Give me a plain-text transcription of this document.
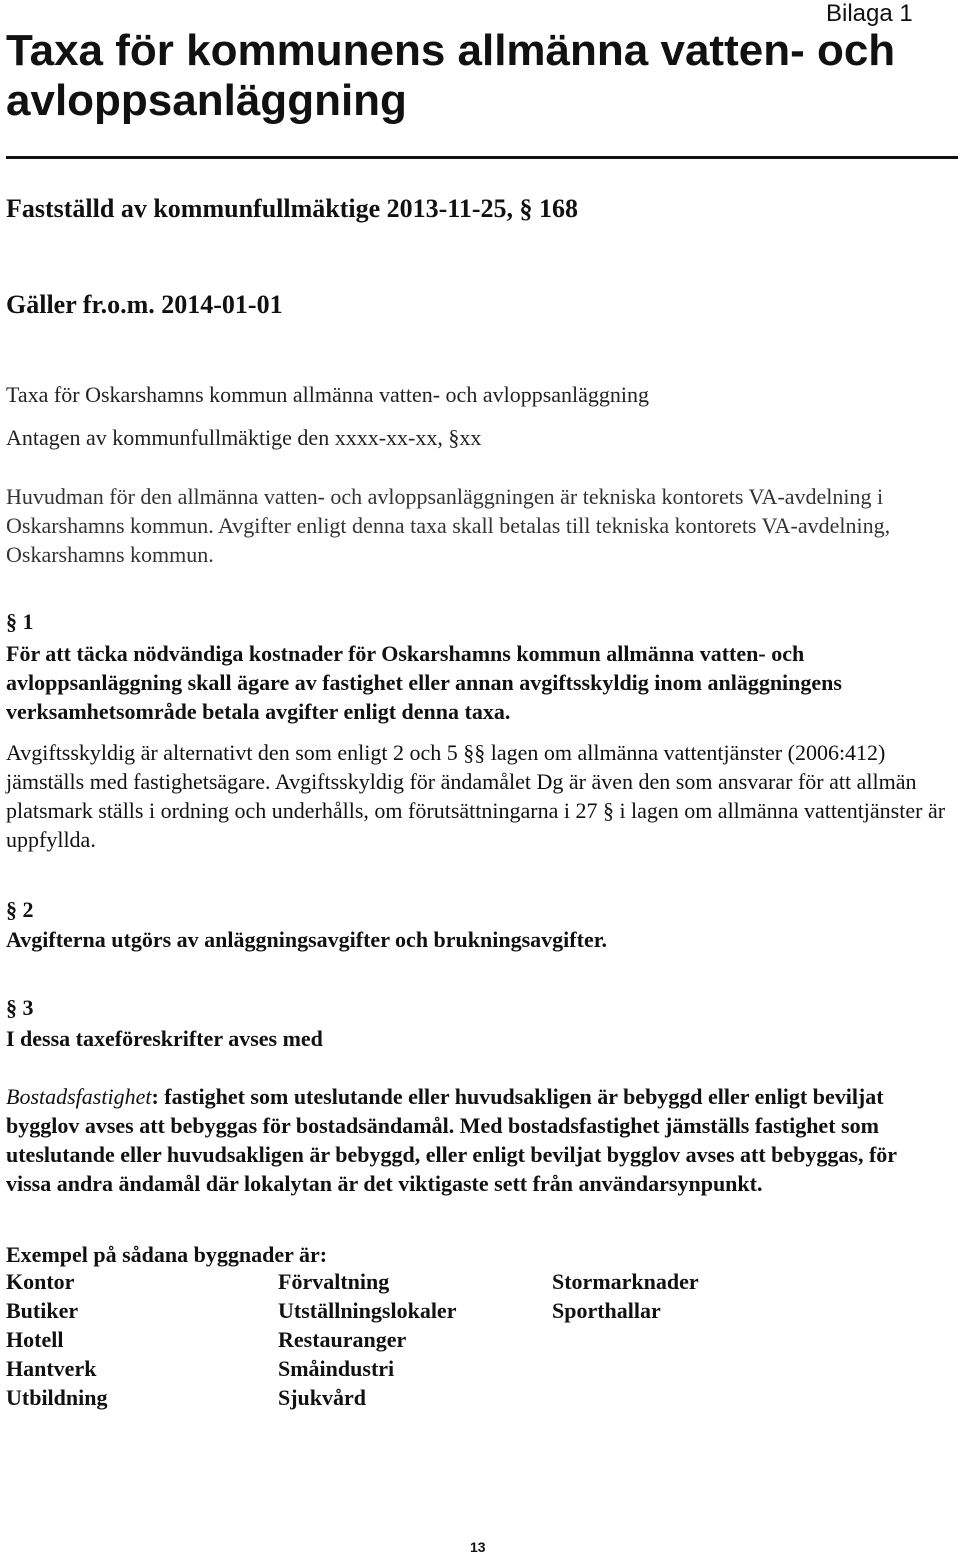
Bilaga 1
Taxa för kommunens allmänna vatten- och avloppsanläggning
Fastställd av kommunfullmäktige 2013-11-25, § 168
Gäller fr.o.m. 2014-01-01
Taxa för Oskarshamns kommun allmänna vatten- och avloppsanläggning
Antagen av kommunfullmäktige den xxxx-xx-xx, §xx
Huvudman för den allmänna vatten- och avloppsanläggningen är tekniska kontorets VA-avdelning i Oskarshamns kommun. Avgifter enligt denna taxa skall betalas till tekniska kontorets VA-avdelning, Oskarshamns kommun.
§ 1
För att täcka nödvändiga kostnader för Oskarshamns kommun allmänna vatten- och avloppsanläggning skall ägare av fastighet eller annan avgiftsskyldig inom anläggningens verksamhetsområde betala avgifter enligt denna taxa.
Avgiftsskyldig är alternativt den som enligt 2 och 5 §§ lagen om allmänna vattentjänster (2006:412) jämställs med fastighetsägare. Avgiftsskyldig för ändamålet Dg är även den som ansvarar för att allmän platsmark ställs i ordning och underhålls, om förutsättningarna i 27 § i lagen om allmänna vattentjänster är uppfyllda.
§ 2
Avgifterna utgörs av anläggningsavgifter och brukningsavgifter.
§ 3
I dessa taxeföreskrifter avses med
Bostadsfastighet: fastighet som uteslutande eller huvudsakligen är bebyggd eller enligt beviljat bygglov avses att bebyggas för bostadsändamål. Med bostadsfastighet jämställs fastighet som uteslutande eller huvudsakligen är bebyggd, eller enligt beviljat bygglov avses att bebyggas, för vissa andra ändamål där lokalytan är det viktigaste sett från användarsynpunkt.
Exempel på sådana byggnader är:
Kontor	Förvaltning	Stormarknader
Butiker	Utställningslokaler	Sporthallar
Hotell	Restauranger
Hantverk	Småindustri
Utbildning	Sjukvård
13
